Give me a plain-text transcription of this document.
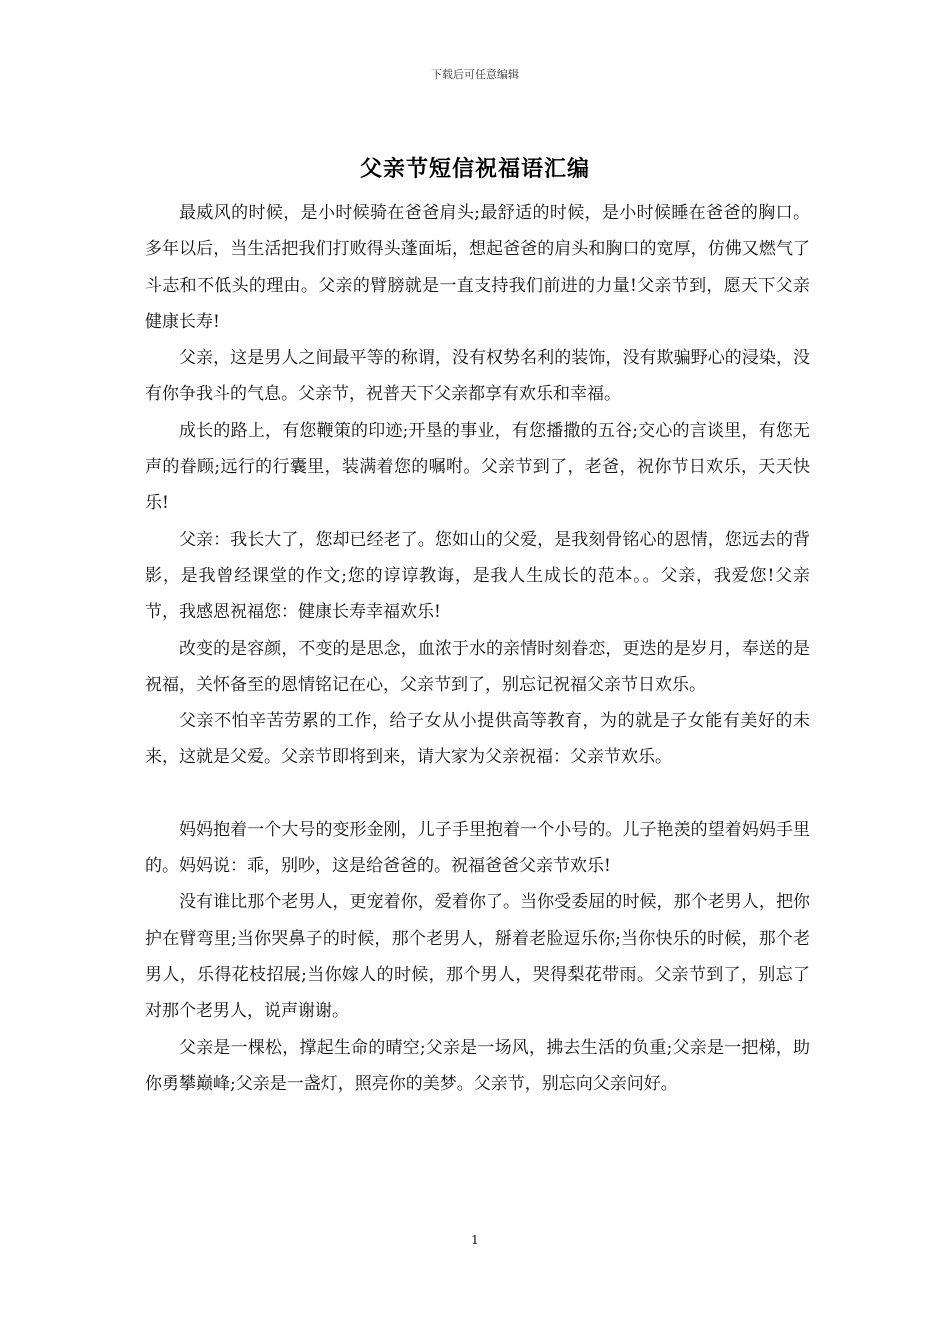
下载后可任意编辑
父亲节短信祝福语汇编

最威风的时候，是小时候骑在爸爸肩头;最舒适的时候，是小时候睡在爸爸的胸口。多年以后，当生活把我们打败得头蓬面垢，想起爸爸的肩头和胸口的宽厚，仿佛又燃气了斗志和不低头的理由。父亲的臂膀就是一直支持我们前进的力量!父亲节到，愿天下父亲健康长寿!

父亲，这是男人之间最平等的称谓，没有权势名利的装饰，没有欺骗野心的浸染，没有你争我斗的气息。父亲节，祝普天下父亲都享有欢乐和幸福。

成长的路上，有您鞭策的印迹;开垦的事业，有您播撒的五谷;交心的言谈里，有您无声的眷顾;远行的行囊里，装满着您的嘱咐。父亲节到了，老爸，祝你节日欢乐，天天快乐!

父亲：我长大了，您却已经老了。您如山的父爱，是我刻骨铭心的恩情，您远去的背影，是我曾经课堂的作文;您的谆谆教诲，是我人生成长的范本。。父亲，我爱您!父亲节，我感恩祝福您：健康长寿幸福欢乐!

改变的是容颜，不变的是思念，血浓于水的亲情时刻眷恋，更迭的是岁月，奉送的是祝福，关怀备至的恩情铭记在心，父亲节到了，别忘记祝福父亲节日欢乐。

父亲不怕辛苦劳累的工作，给子女从小提供高等教育，为的就是子女能有美好的未来，这就是父爱。父亲节即将到来，请大家为父亲祝福：父亲节欢乐。

妈妈抱着一个大号的变形金刚，儿子手里抱着一个小号的。儿子艳羡的望着妈妈手里的。妈妈说：乖，别吵，这是给爸爸的。祝福爸爸父亲节欢乐!

没有谁比那个老男人，更宠着你，爱着你了。当你受委屈的时候，那个老男人，把你护在臂弯里;当你哭鼻子的时候，那个老男人，掰着老脸逗乐你;当你快乐的时候，那个老男人，乐得花枝招展;当你嫁人的时候，那个男人，哭得梨花带雨。父亲节到了，别忘了对那个老男人，说声谢谢。

父亲是一棵松，撑起生命的晴空;父亲是一场风，拂去生活的负重;父亲是一把梯，助你勇攀巅峰;父亲是一盏灯，照亮你的美梦。父亲节，别忘向父亲问好。

1
